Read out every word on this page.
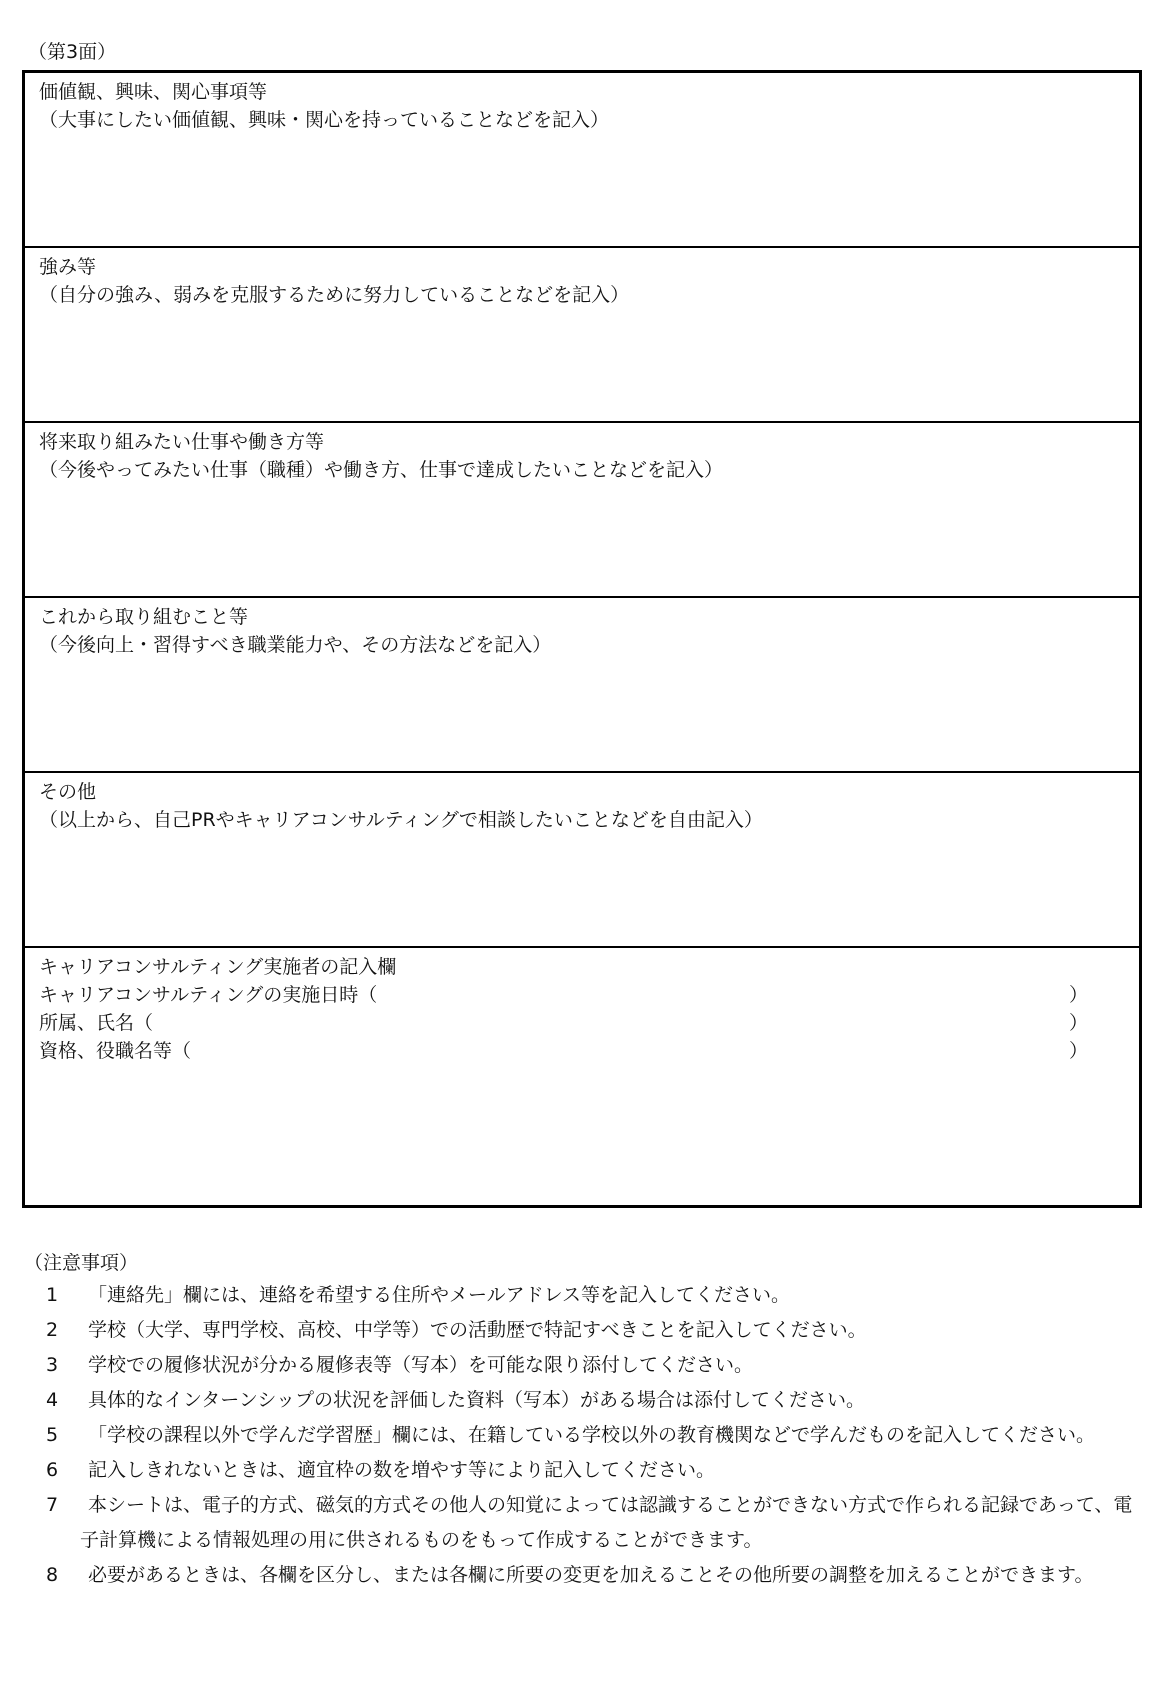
（第3面）
価値観、興味、関心事項等
（大事にしたい価値観、興味・関心を持っていることなどを記入）
強み等
（自分の強み、弱みを克服するために努力していることなどを記入）
将来取り組みたい仕事や働き方等
（今後やってみたい仕事（職種）や働き方、仕事で達成したいことなどを記入）
これから取り組むこと等
（今後向上・習得すべき職業能力や、その方法などを記入）
その他
（以上から、自己PRやキャリアコンサルティングで相談したいことなどを自由記入）
キャリアコンサルティング実施者の記入欄
キャリアコンサルティングの実施日時（	）
所属、氏名（	）
資格、役職名等（	）
（注意事項）
1	「連絡先」欄には、連絡を希望する住所やメールアドレス等を記入してください。
2	学校（大学、専門学校、高校、中学等）での活動歴で特記すべきことを記入してください。
3	学校での履修状況が分かる履修表等（写本）を可能な限り添付してください。
4	具体的なインターンシップの状況を評価した資料（写本）がある場合は添付してください。
5	「学校の課程以外で学んだ学習歴」欄には、在籍している学校以外の教育機関などで学んだものを記入してください。
6	記入しきれないときは、適宜枠の数を増やす等により記入してください。
7	本シートは、電子的方式、磁気的方式その他人の知覚によっては認識することができない方式で作られる記録であって、電子計算機による情報処理の用に供されるものをもって作成することができます。
8	必要があるときは、各欄を区分し、または各欄に所要の変更を加えることその他所要の調整を加えることができます。
